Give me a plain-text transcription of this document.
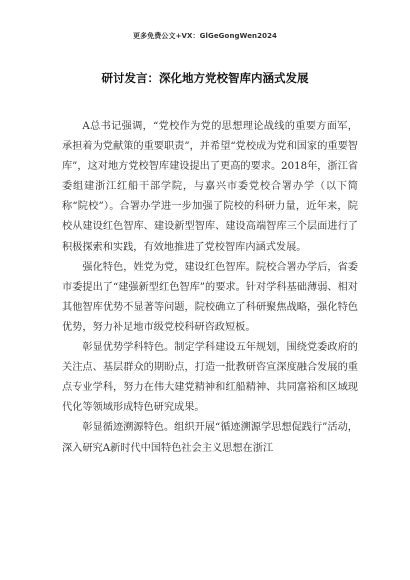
更多免费公文+VX：GlGeGongWen2024
研讨发言：深化地方党校智库内涵式发展

A总书记强调，“党校作为党的思想理论战线的重要方面军，承担着为党献策的重要职责”，并希望“党校成为党和国家的重要智库”，这对地方党校智库建设提出了更高的要求。2018年，浙江省委组建浙江红船干部学院，与嘉兴市委党校合署办学（以下简称“院校”）。合署办学进一步加强了院校的科研力量，近年来，院校从建设红色智库、建设新型智库、建设高端智库三个层面进行了积极探索和实践，有效地推进了党校智库内涵式发展。

强化特色，姓党为党，建设红色智库。院校合署办学后，省委市委提出了“建强新型红色智库”的要求。针对学科基础薄弱、相对其他智库优势不显著等问题，院校确立了科研聚焦战略，强化特色优势，努力补足地市级党校科研咨政短板。

彰显优势学科特色。制定学科建设五年规划，围绕党委政府的关注点、基层群众的期盼点，打造一批教研咨宣深度融合发展的重点专业学科，努力在伟大建党精神和红船精神、共同富裕和区域现代化等领域形成特色研究成果。

彰显循迹溯源特色。组织开展“循迹溯源学思想促践行”活动，深入研究A新时代中国特色社会主义思想在浙江
